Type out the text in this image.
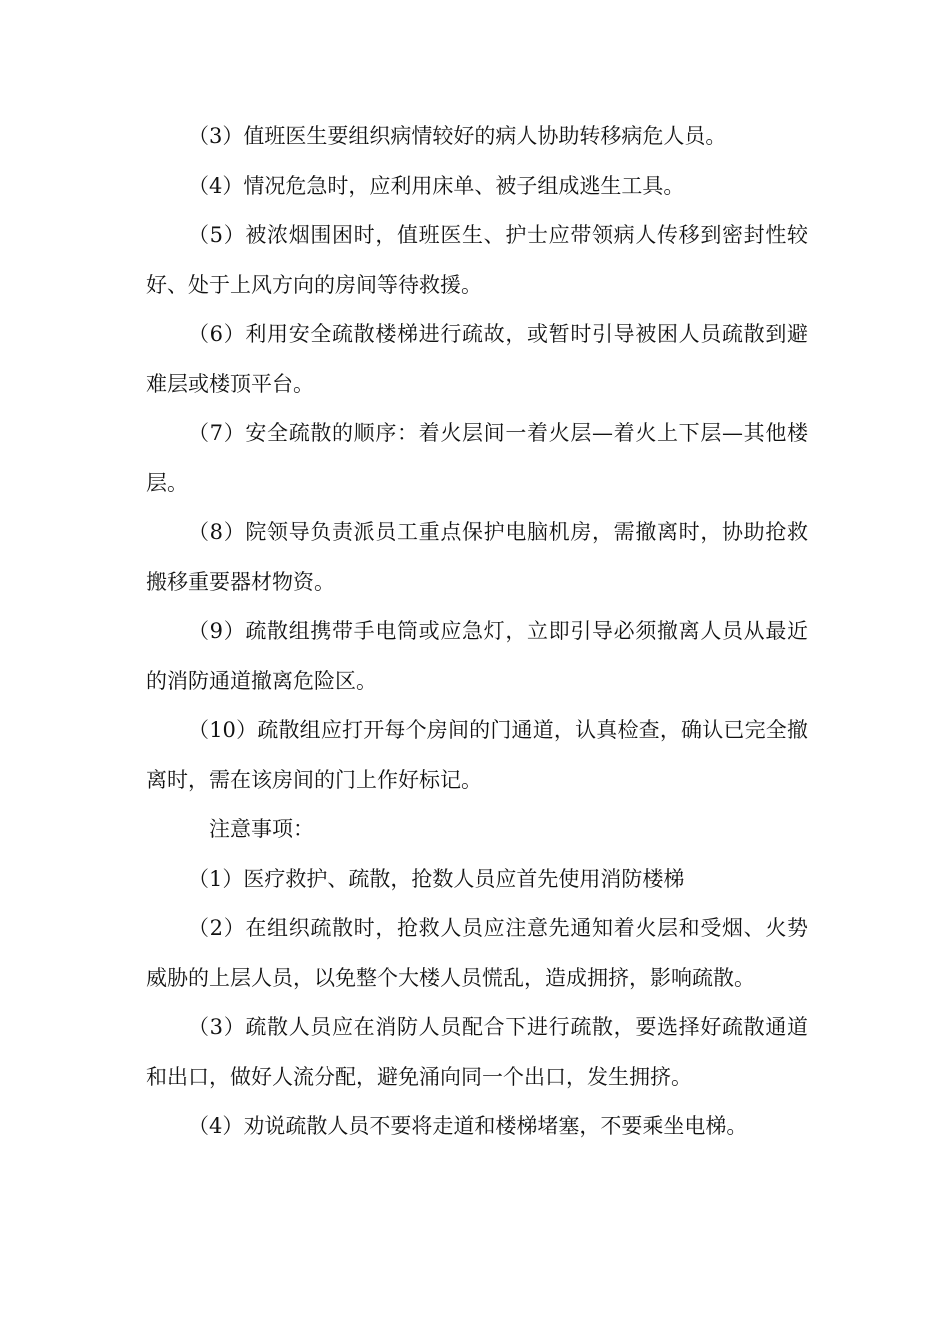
（3）值班医生要组织病情较好的病人协助转移病危人员。

（4）情况危急时，应利用床单、被子组成逃生工具。

（5）被浓烟围困时，值班医生、护士应带领病人传移到密封性较好、处于上风方向的房间等待救援。

（6）利用安全疏散楼梯进行疏故，或暂时引导被困人员疏散到避难层或楼顶平台。

（7）安全疏散的顺序：着火层间一着火层—着火上下层—其他楼层。

（8）院领导负责派员工重点保护电脑机房，需撤离时，协助抢救搬移重要器材物资。

（9）疏散组携带手电筒或应急灯，立即引导必须撤离人员从最近的消防通道撤离危险区。

（10）疏散组应打开每个房间的门通道，认真检查，确认已完全撤离时，需在该房间的门上作好标记。

注意事项：

（1）医疗救护、疏散，抢数人员应首先使用消防楼梯

（2）在组织疏散时，抢救人员应注意先通知着火层和受烟、火势威胁的上层人员，以免整个大楼人员慌乱，造成拥挤，影响疏散。

（3）疏散人员应在消防人员配合下进行疏散，要选择好疏散通道和出口，做好人流分配，避免涌向同一个出口，发生拥挤。

（4）劝说疏散人员不要将走道和楼梯堵塞，不要乘坐电梯。
